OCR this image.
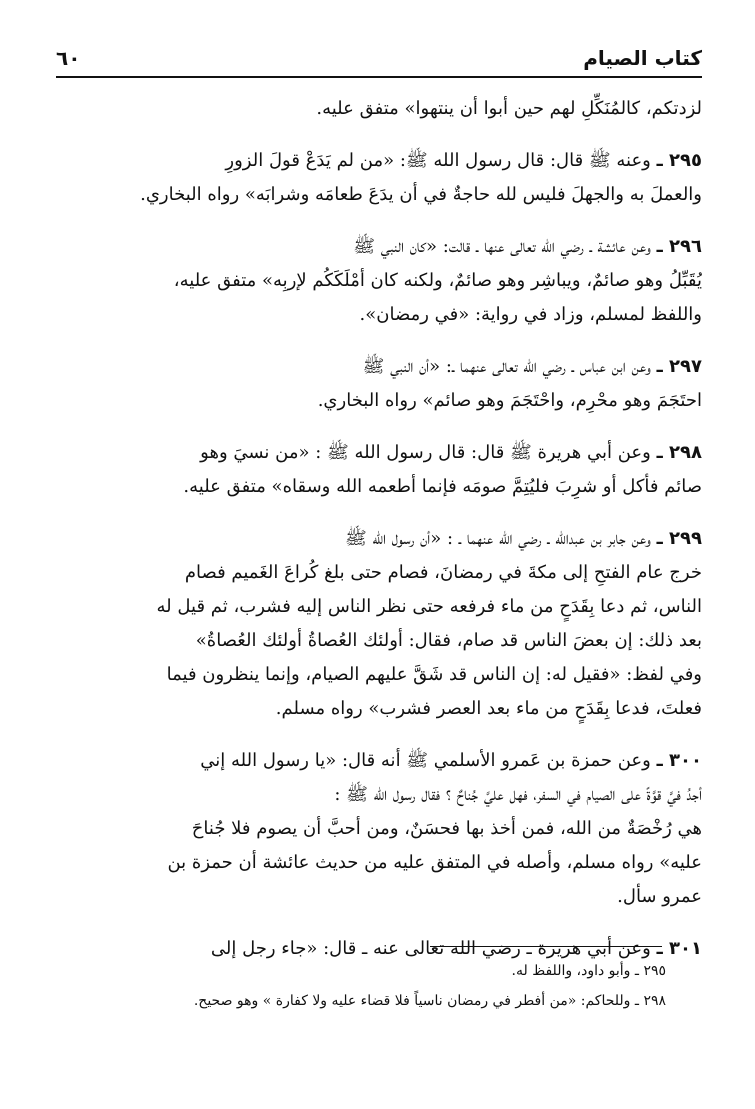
كتاب الصيام
٦٠
لزدتكم، كالمُنَكِّلِ لهم حين أبوا أن ينتهوا» متفق عليه.
٢٩٥ ـ وعنه ﷺ قال: قال رسول الله ﷺ: «من لم يَدَعْ قولَ الزورِ
والعملَ به والجهلَ فليس لله حاجةٌ في أن يدَعَ طعامَه وشرابَه» رواه البخاري.
٢٩٦ ـ وعن عائشة ـ رضي الله تعالى عنها ـ قالت: «كان النبي ﷺ
يُقَبِّلُ وهو صائمٌ، ويباشِر وهو صائمٌ، ولكنه كان أمْلَكَكُم لإربِه» متفق عليه،
واللفظ لمسلم، وزاد في رواية: «في رمضان».
٢٩٧ ـ وعن ابن عباس ـ رضي الله تعالى عنهما ـ: «أن النبي ﷺ
احتَجَمَ وهو محْرِم، واحْتَجَمَ وهو صائم» رواه البخاري.
٢٩٨ ـ وعن أبي هريرة ﷺ قال: قال رسول الله ﷺ : «من نسيَ وهو
صائم فأكل أو شرِبَ فليُتِمَّ صومَه فإنما أطعمه الله وسقاه» متفق عليه.
٢٩٩ ـ وعن جابر بن عبدالله ـ رضي الله عنهما ـ : «أن رسول الله ﷺ
خرج عام الفتحِ إلى مكةَ في رمضانَ، فصام حتى بلغ كُراعَ الغَميم فصام
الناس، ثم دعا بِقَدَحٍ من ماء فرفعه حتى نظر الناس إليه فشرب، ثم قيل له
بعد ذلك: إن بعضَ الناس قد صام، فقال: أولئك العُصاةُ أولئك العُصاةُ»
وفي لفظ: «فقيل له: إن الناس قد شَقَّ عليهم الصيام، وإنما ينظرون فيما
فعلتَ، فدعا بِقَدَحٍ من ماء بعد العصر فشرب» رواه مسلم.
٣٠٠ ـ وعن حمزة بن عَمرو الأسلمي ﷺ أنه قال: «يا رسول الله إني
أجدُ فيَّ قوَّةً على الصيام في السفر، فهل عليَّ جُناحٌ ؟ فقال رسول الله ﷺ :
هي رُخْصَةٌ من الله، فمن أخذ بها فحسَنٌ، ومن أحبَّ أن يصوم فلا جُناحَ
عليه» رواه مسلم، وأصله في المتفق عليه من حديث عائشة أن حمزة بن
عمرو سأل.
٣٠١ ـ وعن أبي هريرة ـ رضي الله تعالى عنه ـ قال: «جاء رجل إلى
٢٩٥ ـ وأبو داود، واللفظ له.
٢٩٨ ـ وللحاكم: «من أفطر في رمضان ناسياً فلا قضاء عليه ولا كفارة » وهو صحيح.
